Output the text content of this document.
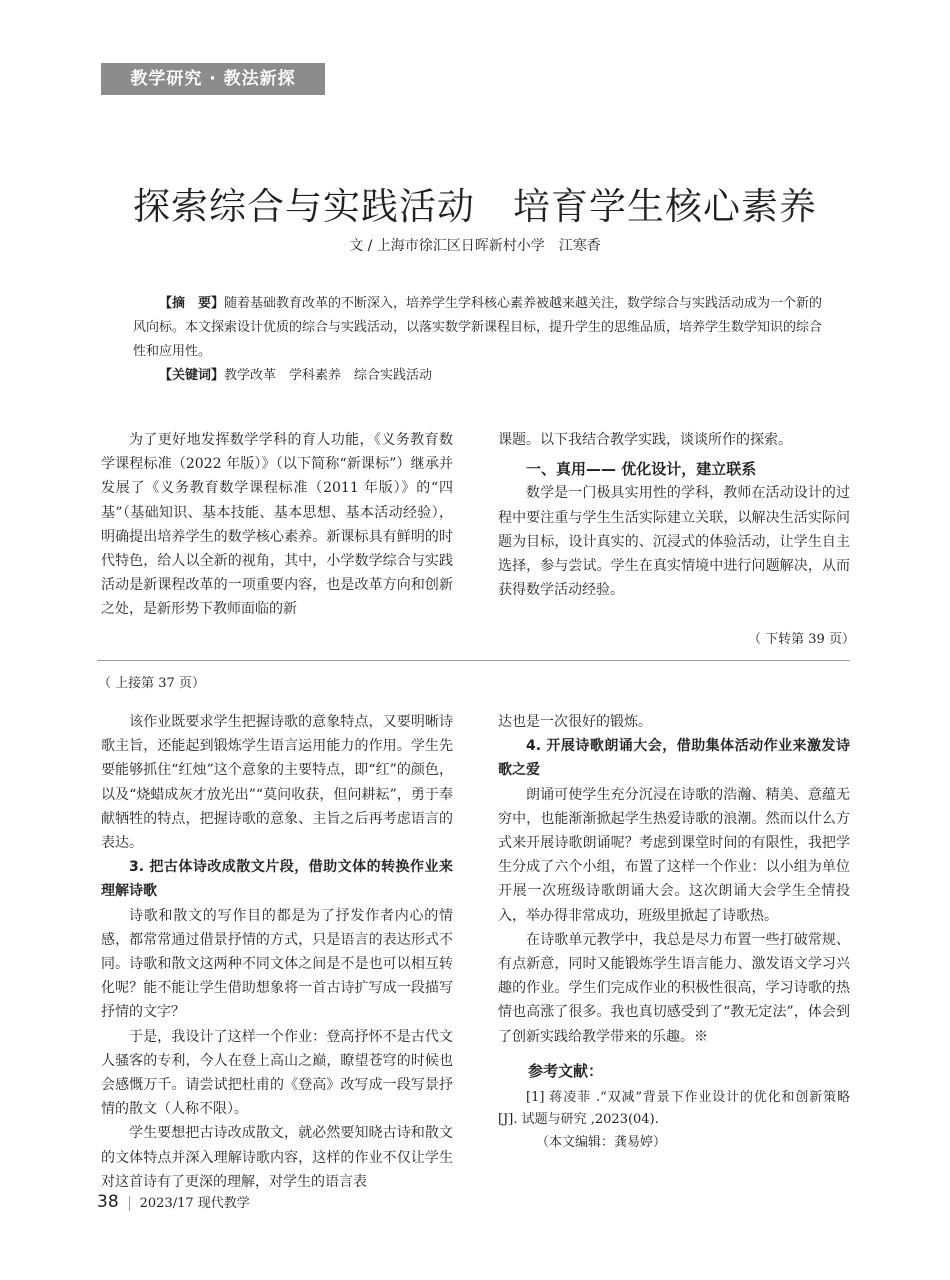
教学研究 · 教法新探
探索综合与实践活动　培育学生核心素养
文 / 上海市徐汇区日晖新村小学　江寒香

【摘　要】随着基础教育改革的不断深入，培养学生学科核心素养被越来越关注，数学综合与实践活动成为一个新的风向标。本文探索设计优质的综合与实践活动，以落实数学新课程目标，提升学生的思维品质，培养学生数学知识的综合性和应用性。

【关键词】教学改革　学科素养　综合实践活动

为了更好地发挥数学学科的育人功能，《义务教育数学课程标准（2022 年版）》（以下简称“新课标”）继承并发展了《义务教育数学课程标准（2011 年版）》的“四基”（基础知识、基本技能、基本思想、基本活动经验），明确提出培养学生的数学核心素养。新课标具有鲜明的时代特色，给人以全新的视角，其中，小学数学综合与实践活动是新课程改革的一项重要内容，也是改革方向和创新之处，是新形势下教师面临的新

课题。以下我结合教学实践，谈谈所作的探索。

一、真用—— 优化设计，建立联系

数学是一门极具实用性的学科，教师在活动设计的过程中要注重与学生生活实际建立关联，以解决生活实际问题为目标，设计真实的、沉浸式的体验活动，让学生自主选择，参与尝试。学生在真实情境中进行问题解决，从而获得数学活动经验。

（ 下转第 39 页）
（ 上接第 37 页）

该作业既要求学生把握诗歌的意象特点，又要明晰诗歌主旨，还能起到锻炼学生语言运用能力的作用。学生先要能够抓住“红烛”这个意象的主要特点，即“红”的颜色，以及“烧蜡成灰才放光出”“莫问收获，但问耕耘”，勇于奉献牺牲的特点，把握诗歌的意象、主旨之后再考虑语言的表达。

3. 把古体诗改成散文片段，借助文体的转换作业来理解诗歌

诗歌和散文的写作目的都是为了抒发作者内心的情感，都常常通过借景抒情的方式，只是语言的表达形式不同。诗歌和散文这两种不同文体之间是不是也可以相互转化呢？能不能让学生借助想象将一首古诗扩写成一段描写抒情的文字？

于是，我设计了这样一个作业：登高抒怀不是古代文人骚客的专利，今人在登上高山之巅，瞭望苍穹的时候也会感慨万千。请尝试把杜甫的《登高》改写成一段写景抒情的散文（人称不限）。

学生要想把古诗改成散文，就必然要知晓古诗和散文的文体特点并深入理解诗歌内容，这样的作业不仅让学生对这首诗有了更深的理解，对学生的语言表

达也是一次很好的锻炼。

4. 开展诗歌朗诵大会，借助集体活动作业来激发诗歌之爱

朗诵可使学生充分沉浸在诗歌的浩瀚、精美、意蕴无穷中，也能渐渐掀起学生热爱诗歌的浪潮。然而以什么方式来开展诗歌朗诵呢？考虑到课堂时间的有限性，我把学生分成了六个小组，布置了这样一个作业：以小组为单位开展一次班级诗歌朗诵大会。这次朗诵大会学生全情投入，举办得非常成功，班级里掀起了诗歌热。

在诗歌单元教学中，我总是尽力布置一些打破常规、有点新意，同时又能锻炼学生语言能力、激发语文学习兴趣的作业。学生们完成作业的积极性很高，学习诗歌的热情也高涨了很多。我也真切感受到了“教无定法”，体会到了创新实践给教学带来的乐趣。※

参考文献：
[1] 蒋凌菲 .“双减”背景下作业设计的优化和创新策略 [J]. 试题与研究 ,2023(04).
（本文编辑：龚易婷）
38 2023/17 现代教学
